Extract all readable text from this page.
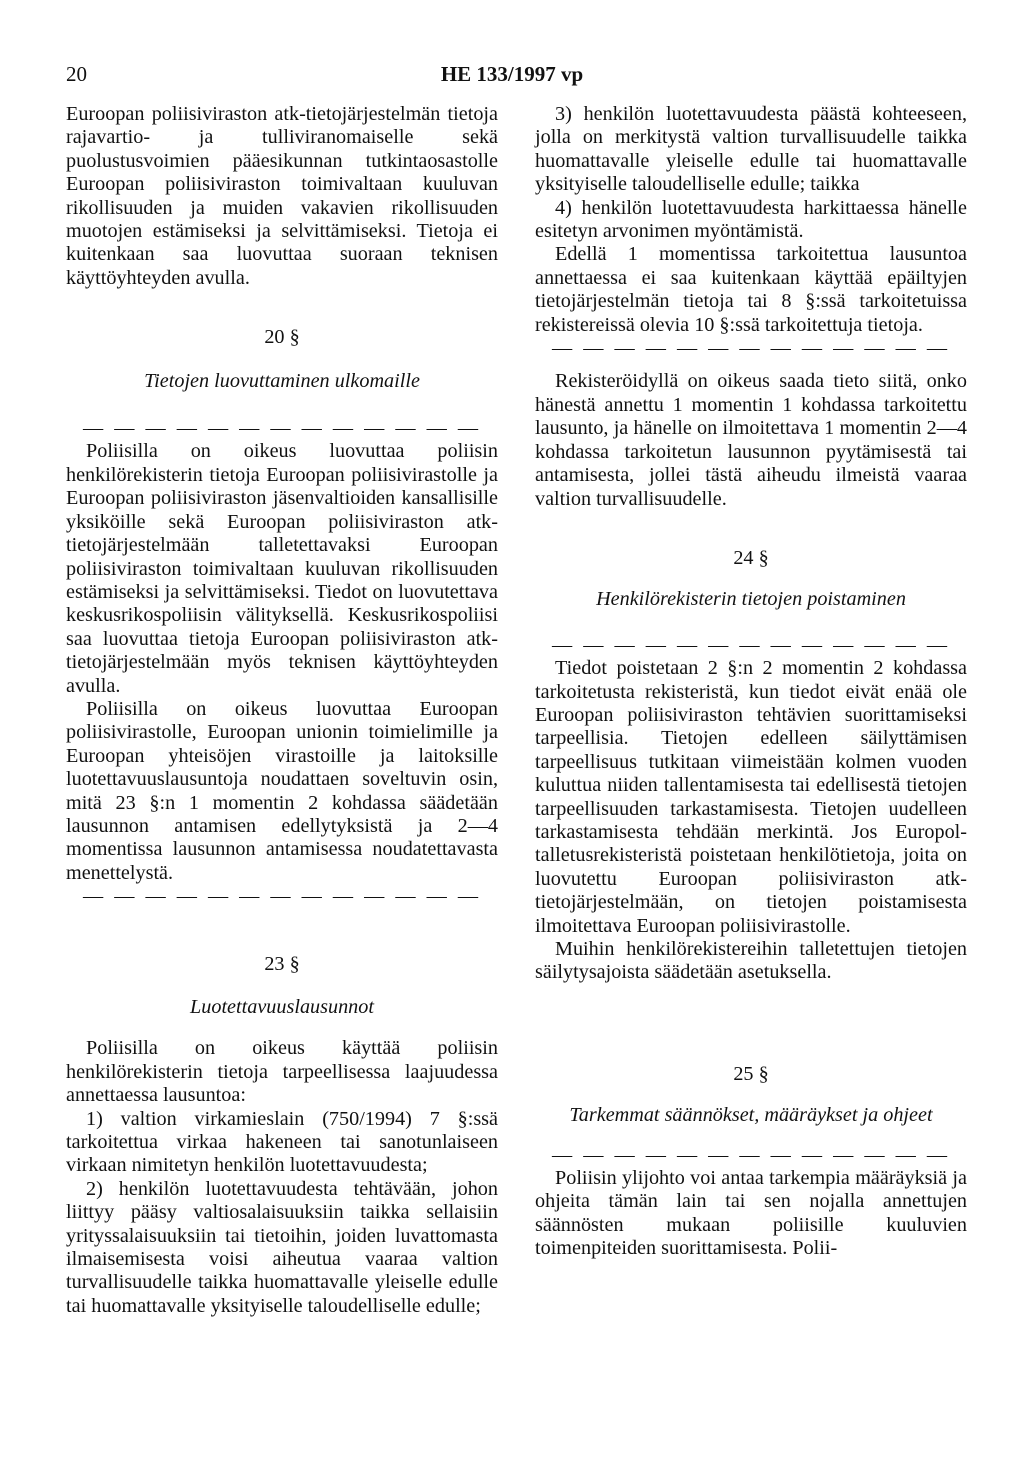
20	HE 133/1997 vp

Euroopan poliisiviraston atk-tietojärjestelmän tietoja rajavartio- ja tulliviranomaiselle sekä puolustusvoimien pääesikunnan tutkintaosastolle Euroopan poliisiviraston toimivaltaan kuuluvan rikollisuuden ja muiden vakavien rikollisuuden muotojen estämiseksi ja selvittämiseksi. Tietoja ei kuitenkaan saa luovuttaa suoraan teknisen käyttöyhteyden avulla.

20 §

Tietojen luovuttaminen ulkomaille

— — — — — — — — — — — — —

Poliisilla on oikeus luovuttaa poliisin henkilörekisterin tietoja Euroopan poliisivirastolle ja Euroopan poliisiviraston jäsenvaltioiden kansallisille yksiköille sekä Euroopan poliisiviraston atk-tietojärjestelmään talletettavaksi Euroopan poliisiviraston toimivaltaan kuuluvan rikollisuuden estämiseksi ja selvittämiseksi. Tiedot on luovutettava keskusrikospoliisin välityksellä. Keskusrikospoliisi saa luovuttaa tietoja Euroopan poliisiviraston atk-tietojärjestelmään myös teknisen käyttöyhteyden avulla.

Poliisilla on oikeus luovuttaa Euroopan poliisivirastolle, Euroopan unionin toimielimille ja Euroopan yhteisöjen virastoille ja laitoksille luotettavuuslausuntoja noudattaen soveltuvin osin, mitä 23 §:n 1 momentin 2 kohdassa säädetään lausunnon antamisen edellytyksistä ja 2—4 momentissa lausunnon antamisessa noudatettavasta menettelystä.

— — — — — — — — — — — — —

23 §

Luotettavuuslausunnot

Poliisilla on oikeus käyttää poliisin henkilörekisterin tietoja tarpeellisessa laajuudessa annettaessa lausuntoa:

1) valtion virkamieslain (750/1994) 7 §:ssä tarkoitettua virkaa hakeneen tai sanotunlaiseen virkaan nimitetyn henkilön luotettavuudesta;

2) henkilön luotettavuudesta tehtävään, johon liittyy pääsy valtiosalaisuuksiin taikka sellaisiin yrityssalaisuuksiin tai tietoihin, joiden luvattomasta ilmaisemisesta voisi aiheutua vaaraa valtion turvallisuudelle taikka huomattavalle yleiselle edulle tai huomattavalle yksityiselle taloudelliselle edulle;

3) henkilön luotettavuudesta päästä kohteeseen, jolla on merkitystä valtion turvallisuudelle taikka huomattavalle yleiselle edulle tai huomattavalle yksityiselle taloudelliselle edulle; taikka

4) henkilön luotettavuudesta harkittaessa hänelle esitetyn arvonimen myöntämistä.

Edellä 1 momentissa tarkoitettua lausuntoa annettaessa ei saa kuitenkaan käyttää epäiltyjen tietojärjestelmän tietoja tai 8 §:ssä tarkoitetuissa rekistereissä olevia 10 §:ssä tarkoitettuja tietoja.

— — — — — — — — — — — — —

Rekisteröidyllä on oikeus saada tieto siitä, onko hänestä annettu 1 momentin 1 kohdassa tarkoitettu lausunto, ja hänelle on ilmoitettava 1 momentin 2—4 kohdassa tarkoitetun lausunnon pyytämisestä tai antamisesta, jollei tästä aiheudu ilmeistä vaaraa valtion turvallisuudelle.

24 §

Henkilörekisterin tietojen poistaminen

— — — — — — — — — — — — —

Tiedot poistetaan 2 §:n 2 momentin 2 kohdassa tarkoitetusta rekisteristä, kun tiedot eivät enää ole Euroopan poliisiviraston tehtävien suorittamiseksi tarpeellisia. Tietojen edelleen säilyttämisen tarpeellisuus tutkitaan viimeistään kolmen vuoden kuluttua niiden tallentamisesta tai edellisestä tietojen tarpeellisuuden tarkastamisesta. Tietojen uudelleen tarkastamisesta tehdään merkintä. Jos Europol-talletusrekisteristä poistetaan henkilötietoja, joita on luovutettu Euroopan poliisiviraston atk-tietojärjestelmään, on tietojen poistamisesta ilmoitettava Euroopan poliisivirastolle.

Muihin henkilörekistereihin talletettujen tietojen säilytysajoista säädetään asetuksella.

25 §

Tarkemmat säännökset, määräykset ja ohjeet

— — — — — — — — — — — — —

Poliisin ylijohto voi antaa tarkempia määräyksiä ja ohjeita tämän lain tai sen nojalla annettujen säännösten mukaan poliisille kuuluvien toimenpiteiden suorittamisesta. Polii-
